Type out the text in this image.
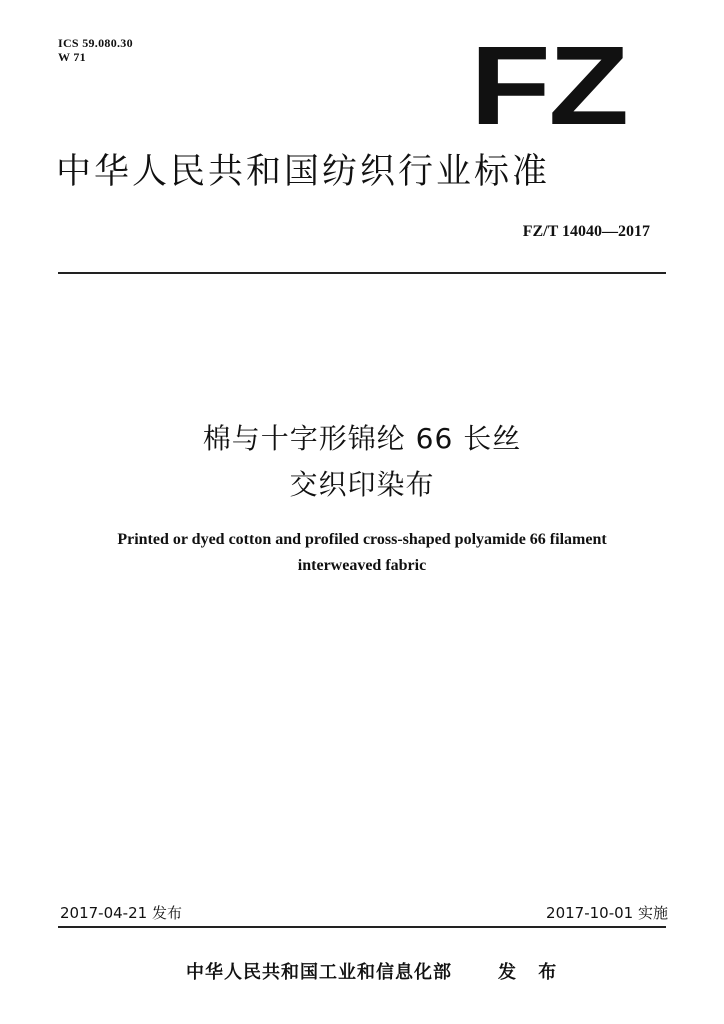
ICS 59.080.30
W 71	FZ
中华人民共和国纺织行业标准
FZ/T 14040—2017
棉与十字形锦纶 66 长丝
交织印染布
Printed or dyed cotton and profiled cross-shaped polyamide 66 filament
interweaved fabric
2017-04-21 发布	2017-10-01 实施
中华人民共和国工业和信息化部	发 布
